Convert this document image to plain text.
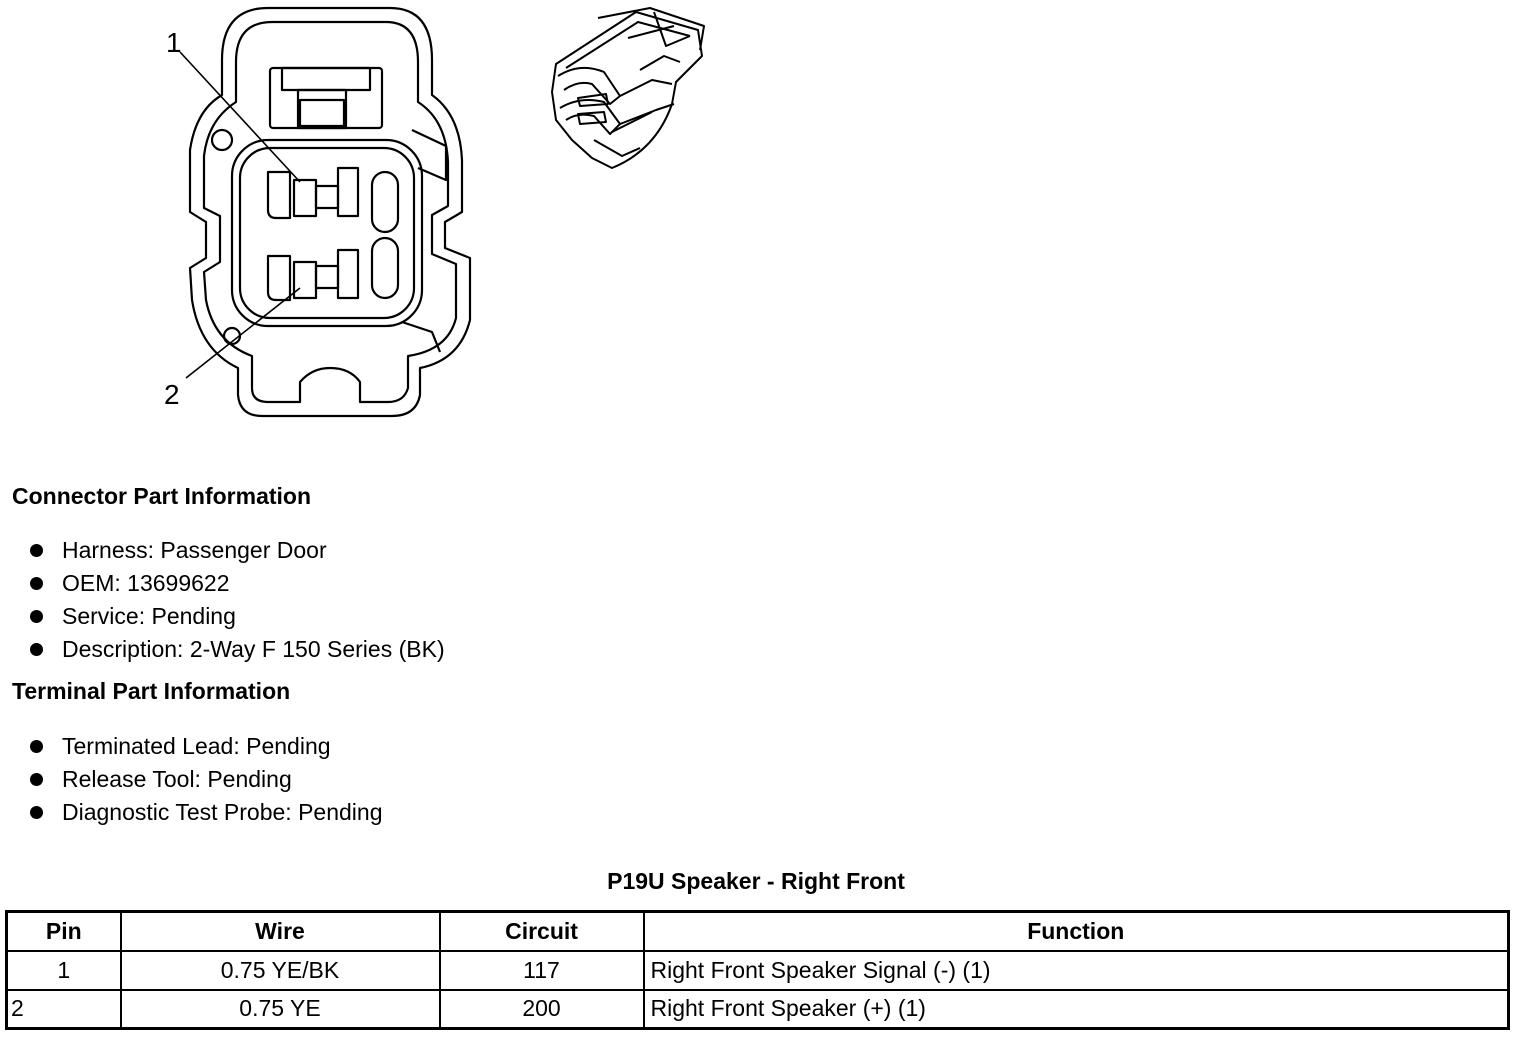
1
2
Connector Part Information
Harness: Passenger Door
OEM: 13699622
Service: Pending
Description: 2-Way F 150 Series (BK)
Terminal Part Information
Terminated Lead: Pending
Release Tool: Pending
Diagnostic Test Probe: Pending
P19U Speaker - Right Front
Pin	Wire	Circuit	Function
1	0.75 YE/BK	117	Right Front Speaker Signal (-) (1)
2	0.75 YE	200	Right Front Speaker (+) (1)
